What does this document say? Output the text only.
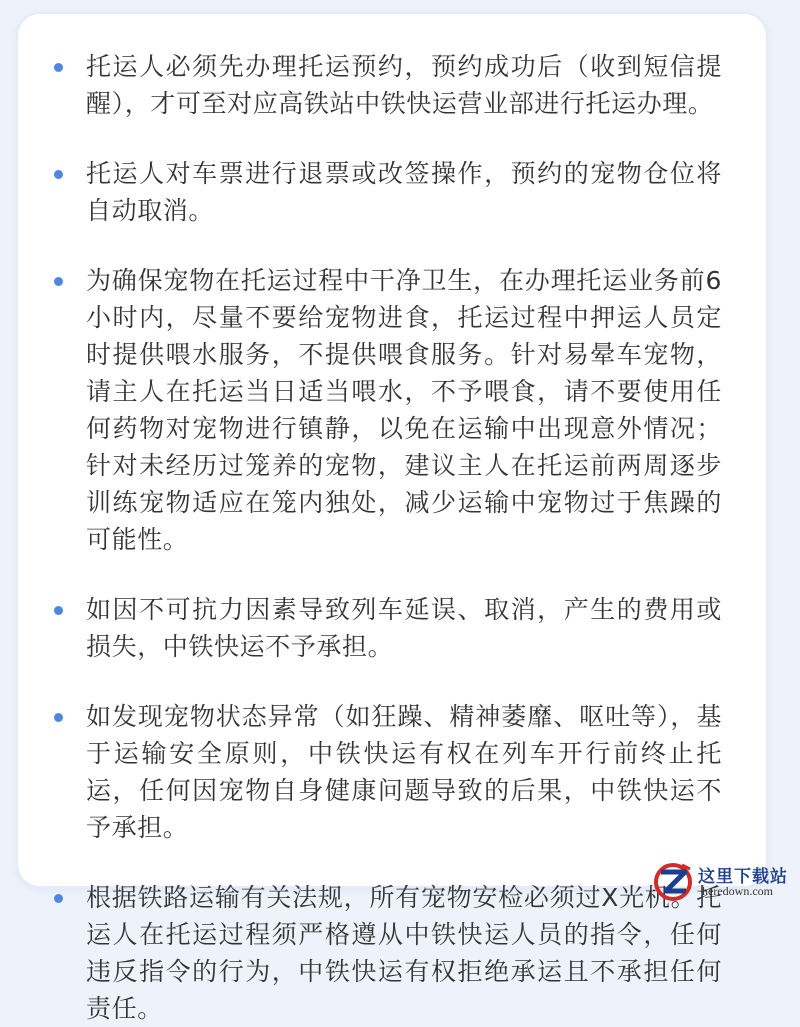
托运人必须先办理托运预约，预约成功后（收到短信提醒），才可至对应高铁站中铁快运营业部进行托运办理。
托运人对车票进行退票或改签操作，预约的宠物仓位将自动取消。
为确保宠物在托运过程中干净卫生，在办理托运业务前6小时内，尽量不要给宠物进食，托运过程中押运人员定时提供喂水服务，不提供喂食服务。针对易晕车宠物，请主人在托运当日适当喂水，不予喂食，请不要使用任何药物对宠物进行镇静，以免在运输中出现意外情况；针对未经历过笼养的宠物，建议主人在托运前两周逐步训练宠物适应在笼内独处，减少运输中宠物过于焦躁的可能性。
如因不可抗力因素导致列车延误、取消，产生的费用或损失，中铁快运不予承担。
如发现宠物状态异常（如狂躁、精神萎靡、呕吐等），基于运输安全原则，中铁快运有权在列车开行前终止托运，任何因宠物自身健康问题导致的后果，中铁快运不予承担。
根据铁路运输有关法规，所有宠物安检必须过X光机。托运人在托运过程须严格遵从中铁快运人员的指令，任何违反指令的行为，中铁快运有权拒绝承运且不承担任何责任。
这里下载站
heredown.com
